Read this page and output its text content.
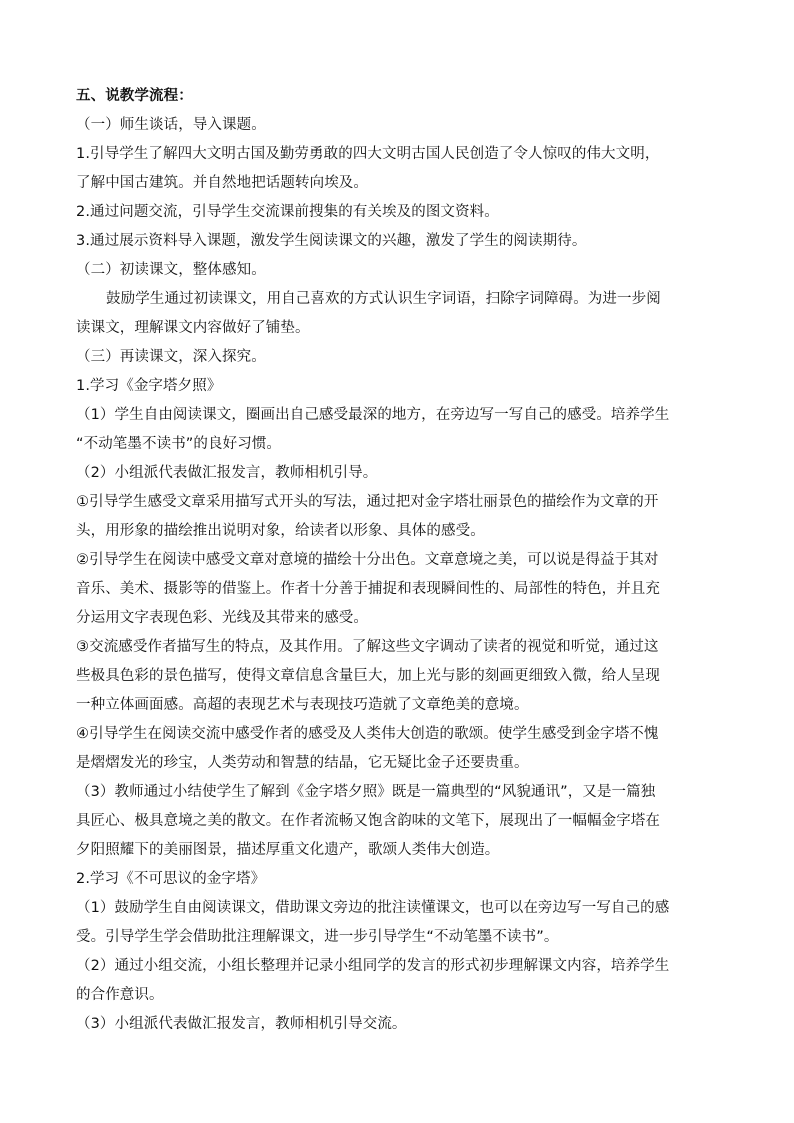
五、说教学流程：
（一）师生谈话，导入课题。
1.引导学生了解四大文明古国及勤劳勇敢的四大文明古国人民创造了令人惊叹的伟大文明，
了解中国古建筑。并自然地把话题转向埃及。
2.通过问题交流，引导学生交流课前搜集的有关埃及的图文资料。
3.通过展示资料导入课题，激发学生阅读课文的兴趣，激发了学生的阅读期待。
（二）初读课文，整体感知。
鼓励学生通过初读课文，用自己喜欢的方式认识生字词语，扫除字词障碍。为进一步阅
读课文，理解课文内容做好了铺垫。
（三）再读课文，深入探究。
1.学习《金字塔夕照》
（1）学生自由阅读课文，圈画出自己感受最深的地方，在旁边写一写自己的感受。培养学生
“不动笔墨不读书”的良好习惯。
（2）小组派代表做汇报发言，教师相机引导。
①引导学生感受文章采用描写式开头的写法，通过把对金字塔壮丽景色的描绘作为文章的开
头，用形象的描绘推出说明对象，给读者以形象、具体的感受。
②引导学生在阅读中感受文章对意境的描绘十分出色。文章意境之美，可以说是得益于其对
音乐、美术、摄影等的借鉴上。作者十分善于捕捉和表现瞬间性的、局部性的特色，并且充
分运用文字表现色彩、光线及其带来的感受。
③交流感受作者描写生的特点，及其作用。了解这些文字调动了读者的视觉和听觉，通过这
些极具色彩的景色描写，使得文章信息含量巨大，加上光与影的刻画更细致入微，给人呈现
一种立体画面感。高超的表现艺术与表现技巧造就了文章绝美的意境。
④引导学生在阅读交流中感受作者的感受及人类伟大创造的歌颂。使学生感受到金字塔不愧
是熠熠发光的珍宝，人类劳动和智慧的结晶，它无疑比金子还要贵重。
（3）教师通过小结使学生了解到《金字塔夕照》既是一篇典型的“风貌通讯”，又是一篇独
具匠心、极具意境之美的散文。在作者流畅又饱含韵味的文笔下，展现出了一幅幅金字塔在
夕阳照耀下的美丽图景，描述厚重文化遗产，歌颂人类伟大创造。
2.学习《不可思议的金字塔》
（1）鼓励学生自由阅读课文，借助课文旁边的批注读懂课文，也可以在旁边写一写自己的感
受。引导学生学会借助批注理解课文，进一步引导学生“不动笔墨不读书”。
（2）通过小组交流，小组长整理并记录小组同学的发言的形式初步理解课文内容，培养学生
的合作意识。
（3）小组派代表做汇报发言，教师相机引导交流。
